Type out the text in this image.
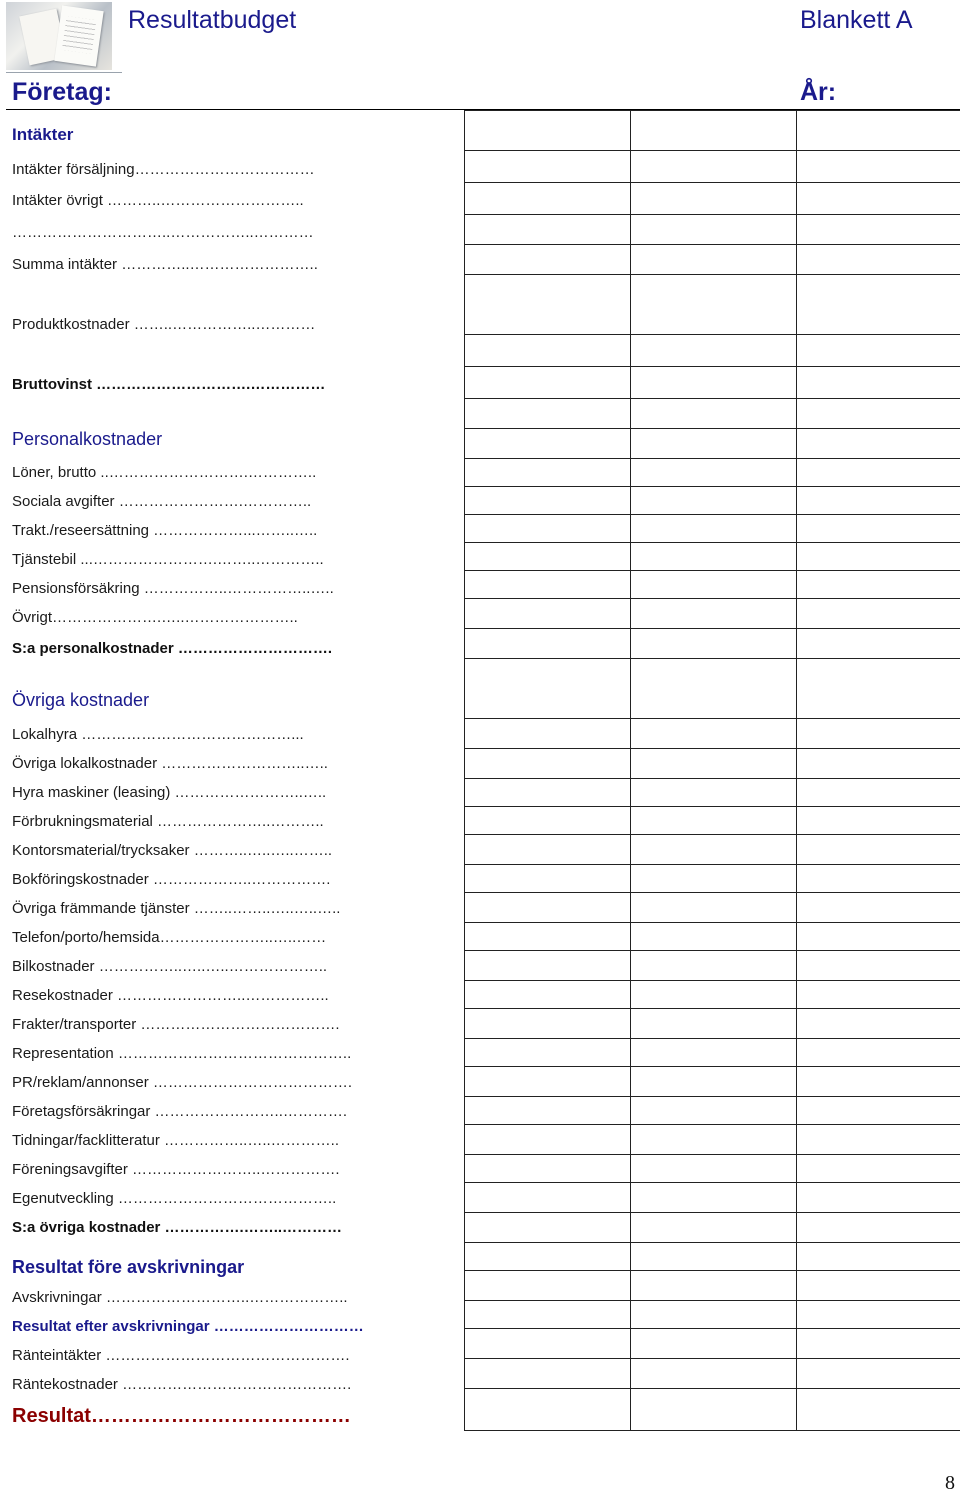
Resultatbudget	Blankett A
Företag:	År:
Intäkter
Intäkter försäljning………………………………
Intäkter övrigt ………..………………………..
…………………………..……………..…………
Summa intäkter …………..……………………..
Produktkostnader ……..……………..…………
Bruttovinst ………………………….……………
Personalkostnader
Löner, brutto ..……………………….…………..
Sociala avgifter …………………….…………..
Trakt./reseersättning ………………...……..…..
Tjänstebil ...…………………….……..…………..
Pensionsförsäkring ……………..……………..…..
Övrigt………………….…..…………………..
S:a personalkostnader ………………………….
Övriga kostnader
Lokalhyra ……………………………………...
Övriga lokalkostnader ………………………..…..
Hyra maskiner (leasing) ……………………..…..
Förbrukningsmaterial …………………..………..
Kontorsmaterial/trycksaker ………..…..…..……..
Bokföringskostnader ………………..…………….
Övriga främmande tjänster ……..……..…..…..…..
Telefon/porto/hemsida…………………..…..……
Bilkostnader ……………..…..…..………………..
Resekostnader ……………………..……………..
Frakter/transporter ………………………………….
Representation ………………………………………..
PR/reklam/annonser ………………………………….
Företagsförsäkringar ……………………..………….
Tidningar/facklitteratur ……………..…..…………..
Föreningsavgifter ……………………..…………….
Egenutveckling ……………………………………..
S:a övriga kostnader …………….……..…………
Resultat före avskrivningar
Avskrivningar ………………………..………………..
Resultat efter avskrivningar …………………………
Ränteintäkter ………………………………………….
Räntekostnader ……………………………………….
Resultat…………………………………
8
